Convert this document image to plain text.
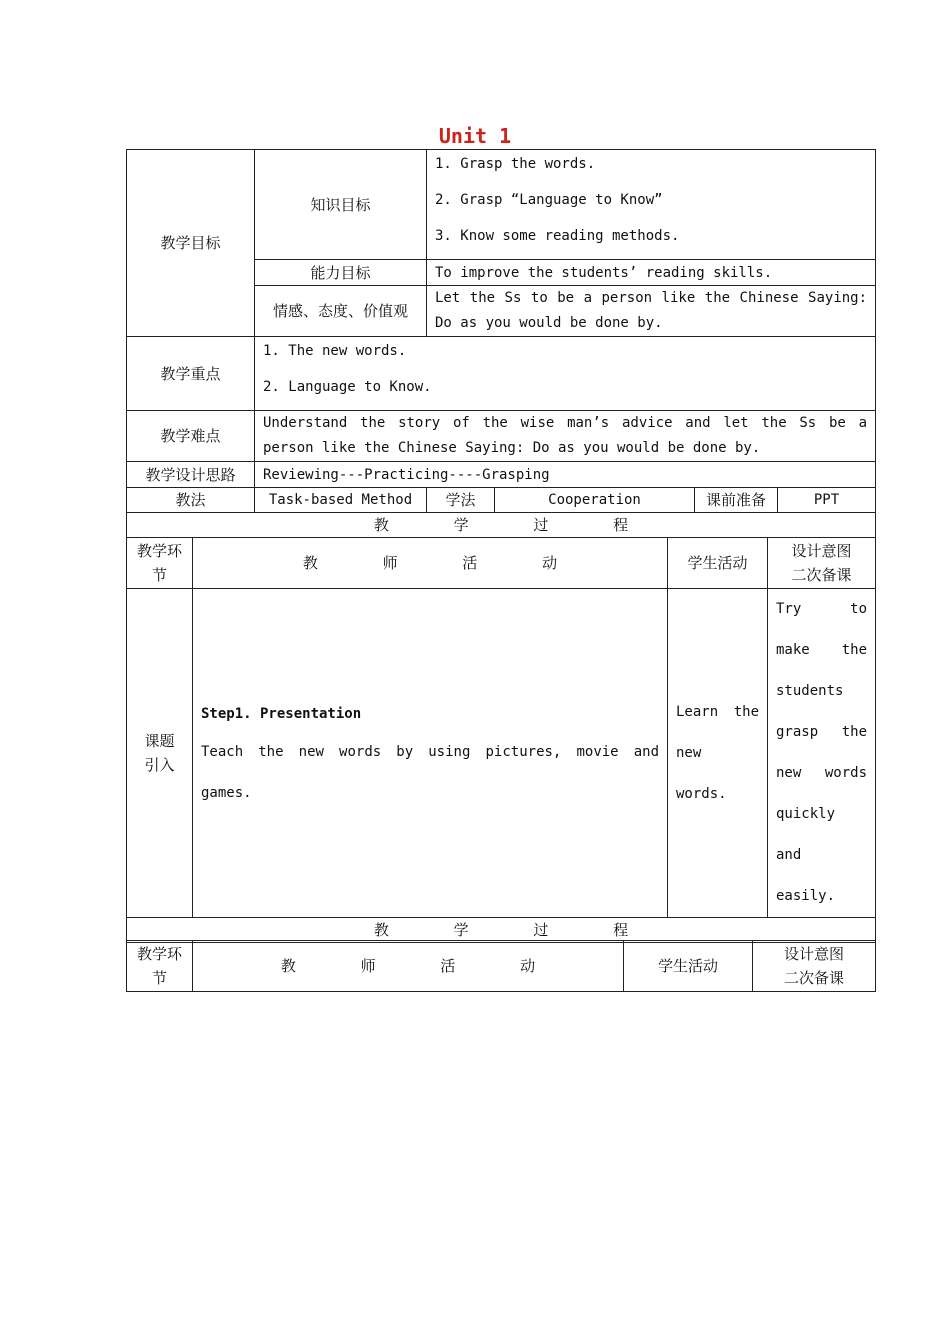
Unit 1
教学目标	知识目标	1. Grasp the words.
2. Grasp “Language to Know”
3. Know some reading methods.			

	能力目标	To improve the students’ reading skills.			
	情感、态度、价值观	Let the Ss to be a person like the Chinese Saying: Do as you would be done by.			
教学重点	1. The new words.
2. Language to Know.				

教学难点	Understand the story of the wise man’s advice and let the Ss be a person like the Chinese Saying: Do as you would be done by.				
教学设计思路	Reviewing---Practicing----Grasping				
教法	Task-based Method	学法	Cooperation	课前准备	PPT
教 学 过 程					
教学环节	教 师 活 动	学生活动	设计意图
二次备课

课题引入	Step1. Presentation
Teach the new words by using pictures, movie and games.	Learn the new words.	Try to make the students grasp the new words quickly and easily.
教 学 过 程			
教学环节	教 师 活 动	学生活动	
设计意图
二次备课
